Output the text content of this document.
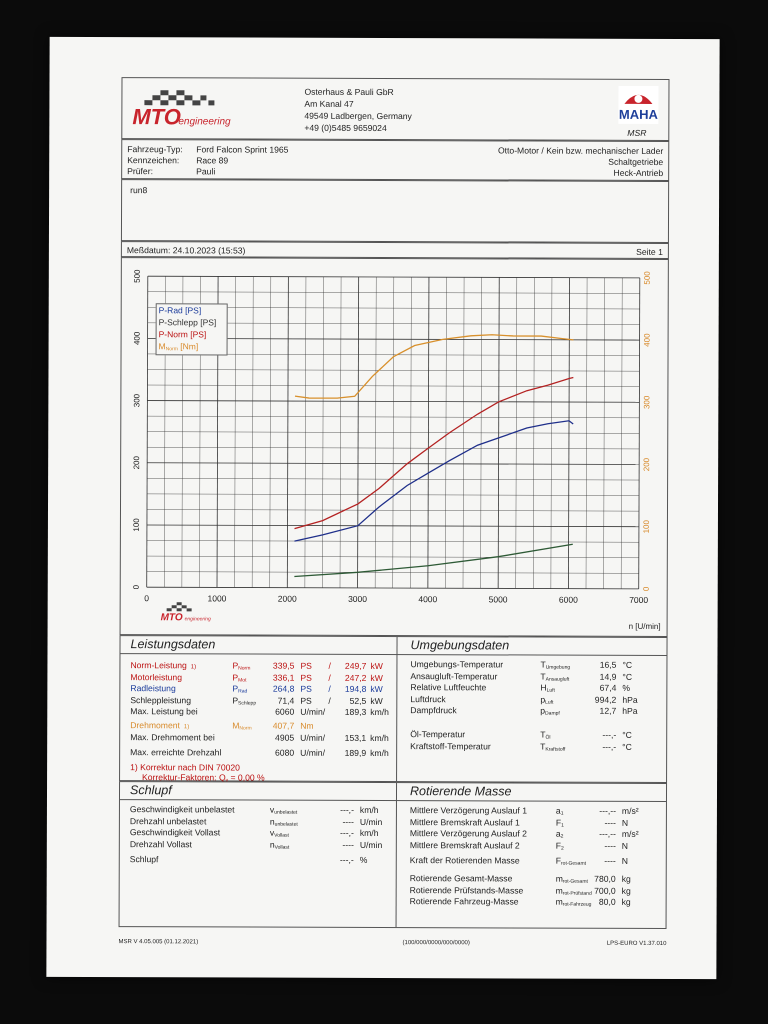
MTO
engineering
Osterhaus & Pauli GbR
Am Kanal 47
49549 Ladbergen, Germany
+49 (0)5485 9659024
MAHA
MSR
Fahrzeug-Typ: Ford Falcon Sprint 1965
Kennzeichen: Race 89
Prüfer:	Pauli
Otto-Motor / Kein bzw. mechanischer Lader
Schaltgetriebe
Heck-Antrieb
run8
Meßdatum: 24.10.2023 (15:53)	Seite 1
0	1000	2000	3000	4000	5000	6000	7000
0
100
200
300
400
500
0
100
200
300
400
500
MTO engineering
P-Rad [PS]
P-Schlepp [PS]
P-Norm [PS]
$M_{Norm}$ [Nm]
n [U/min]
Leistungsdaten	Umgebungsdaten
Norm-Leistung 1)	$P_{Norm}$	339,5 PS / 249,7 kW
Motorleistung	$P_{Mot}$	336,1 PS / 247,2 kW
Radleistung	$P_{Rad}$	264,8 PS / 194,8 kW
Schleppleistung	$P_{Schlepp}$ 71,4 PS / 52,5 kW
Max. Leistung bei	6060 U/min/ 189,3 km/h
Drehmoment 1)	$M_{Norm}$ 407,7 Nm
Max. Drehmoment bei	4905 U/min/ 153,1 km/h
Max. erreichte Drehzahl	6080 U/min/ 189,9 km/h
1) Korrektur nach DIN 70020
Korrektur-Faktoren: $Q_v = 0,00$ %
Umgebungs-Temperatur	$T_{Umgebung}$	16,5 °C
Ansaugluft-Temperatur	$T_{Ansaugluft}$	14,9 °C
Relative Luftfeuchte	$H_{Luft}$	67,4 %
Luftdruck	$p_{Luft}$	994,2 hPa
Dampfdruck	$p_{Dampf}$	12,7 hPa
Öl-Temperatur	$T_{Öl}$	---,- °C
Kraftstoff-Temperatur	$T_{Kraftstoff}$	---,- °C
Schlupf	Rotierende Masse
Geschwindigkeit unbelastet	$v_{unbelastet}$	---,- km/h
Drehzahl unbelastet	$n_{unbelastet}$	---- U/min
Geschwindigkeit Vollast	$v_{Vollast}$	---,- km/h
Drehzahl Vollast	$n_{Vollast}$	---- U/min
Schlupf	---,- %
Mittlere Verzögerung Auslauf 1	$a_1$	---,-- m/s²
Mittlere Bremskraft Auslauf 1	$F_1$	---- N
Mittlere Verzögerung Auslauf 2	$a_2$	---,-- m/s²
Mittlere Bremskraft Auslauf 2	$F_2$	---- N
Kraft der Rotierenden Masse	$F_{rot-Gesamt}$ ---- N
Rotierende Gesamt-Masse	$m_{rot-Gesamt}$ 780,0 kg
Rotierende Prüfstands-Masse	$m_{rot-Prüfstand}$ 700,0 kg
Rotierende Fahrzeug-Masse	$m_{rot-Fahrzeug}$ 80,0 kg
MSR V 4.05.005 (01.12.2021)	(100/000/0000/000/0000)	LPS-EURO V1.37.010
